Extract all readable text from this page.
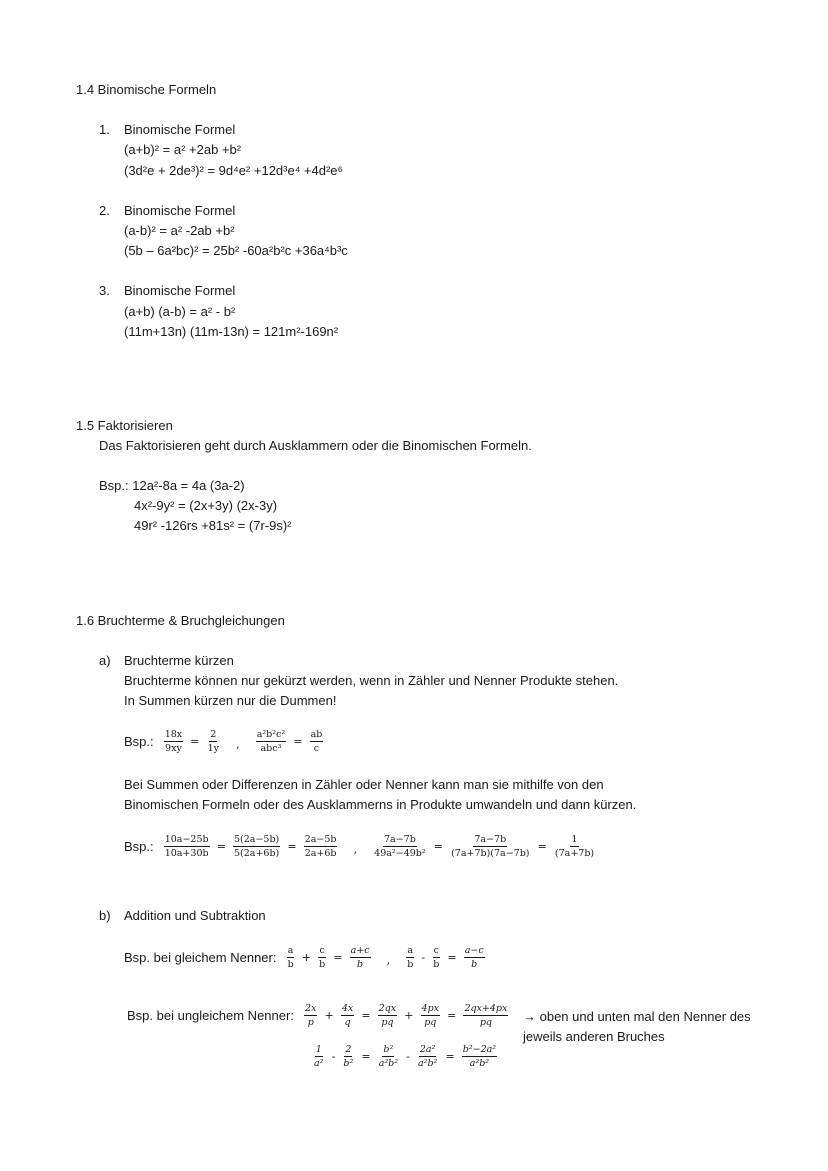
1.4 Binomische Formeln
1. Binomische Formel
(a+b)² = a² +2ab +b²
(3d²e + 2de³)² = 9d⁴e² +12d³e⁴ +4d²e⁶
2. Binomische Formel
(a-b)² = a² -2ab +b²
(5b – 6a²bc)² = 25b² -60a²b²c +36a⁴b³c
3. Binomische Formel
(a+b) (a-b) = a² - b²
(11m+13n) (11m-13n) = 121m²-169n²
1.5 Faktorisieren
Das Faktorisieren geht durch Ausklammern oder die Binomischen Formeln.
Bsp.: 12a²-8a = 4a (3a-2)
4x²-9y² = (2x+3y) (2x-3y)
49r² -126rs +81s² = (7r-9s)²
1.6 Bruchterme & Bruchgleichungen
a) Bruchterme kürzen
Bruchterme können nur gekürzt werden, wenn in Zähler und Nenner Produkte stehen.
In Summen kürzen nur die Dummen!
Bsp.: $\frac{18x}{9xy} = \frac{2}{1y}$ , $\frac{\text{a²b²c²}}{\text{abc³}} = \frac{ab}{c}$
Bei Summen oder Differenzen in Zähler oder Nenner kann man sie mithilfe von den
Binomischen Formeln oder des Ausklammerns in Produkte umwandeln und dann kürzen.
Bsp.: $\frac{10a-25b}{10a+30b} = \frac{5(2a-5b)}{5(2a+6b)} = \frac{2a-5b}{2a+6b}$ , $\frac{7a-7b}{\text{49a²−49b²}} = \frac{7a-7b}{(7a+7b)(7a-7b)} = \frac{1}{(7a+7b)}$
b) Addition und Subtraktion
Bsp. bei gleichem Nenner: $\frac{a}{b} + \frac{c}{b} = \frac{a+c}{b}$ , $\frac{a}{b} - \frac{c}{b} = \frac{a-c}{b}$
Bsp. bei ungleichem Nenner: $\frac{2x}{p} + \frac{4x}{q} = \frac{2qx}{pq} + \frac{4px}{pq} = \frac{2qx+4px}{pq}$ → oben und unten mal den Nenner des
jeweils anderen Bruches
$\frac{1}{\text{a²}} - \frac{2}{\text{b²}} = \frac{\text{b²}}{\text{a²b²}} - \frac{\text{2a²}}{\text{a²b²}} = \frac{\text{b²−2a²}}{\text{a²b²}}$
